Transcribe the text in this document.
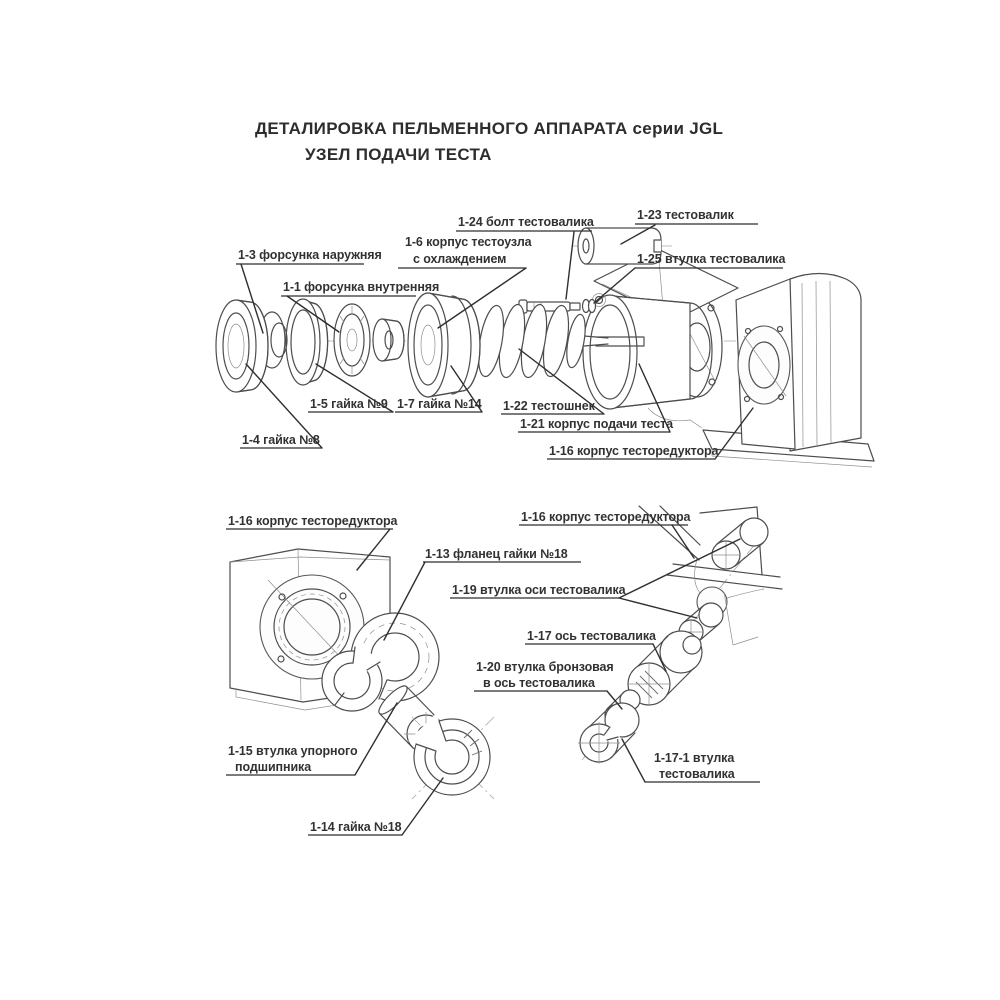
ДЕТАЛИРОВКА ПЕЛЬМЕННОГО АППАРАТА серии JGL
УЗЕЛ ПОДАЧИ ТЕСТА
1-24 болт тестовалика	1-23 тестовалик
1-6 корпус тестоузла
с охлаждением	1-25 втулка тестовалика
1-3 форсунка наружняя
1-1 форсунка внутренняя
1-5 гайка №9 1-7 гайка №14 1-22 тестошнек
1-21 корпус подачи теста
1-16 корпус тесторедуктора
1-4 гайка №8
1-16 корпус тесторедуктора
1-13 фланец гайки №18
1-16 корпус тесторедуктора
1-19 втулка оси тестовалика
1-17 ось тестовалика
1-20 втулка бронзовая
в ось тестовалика
1-15 втулка упорного
подшипника
1-17-1 втулка
тестовалика
1-14 гайка №18
